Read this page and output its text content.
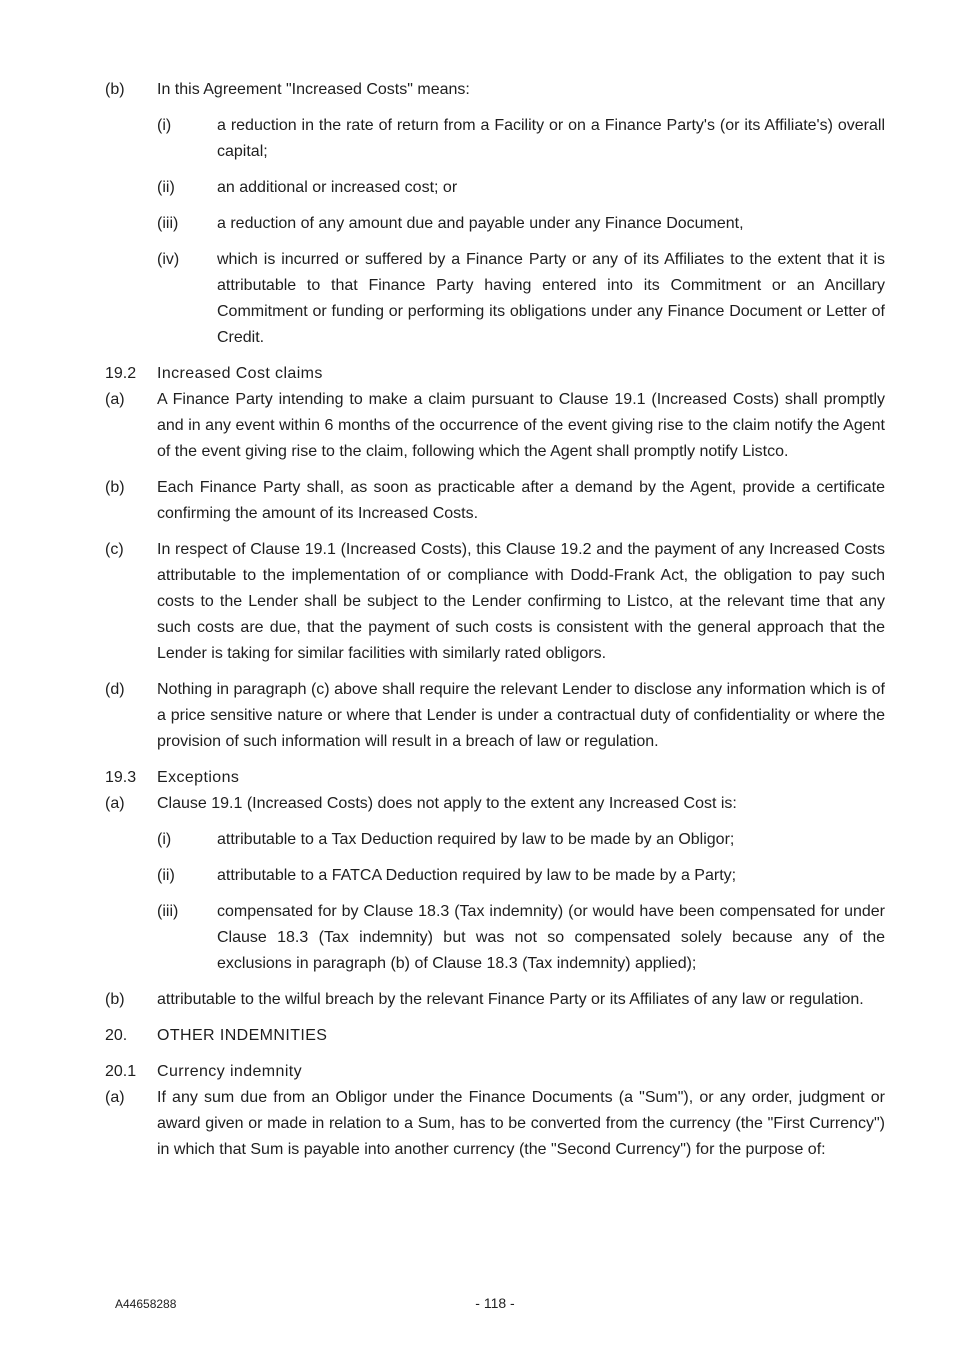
(b)	In this Agreement "Increased Costs" means:
(i)	a reduction in the rate of return from a Facility or on a Finance Party's (or its Affiliate's) overall capital;
(ii)	an additional or increased cost; or
(iii)	a reduction of any amount due and payable under any Finance Document,
(iv)	which is incurred or suffered by a Finance Party or any of its Affiliates to the extent that it is attributable to that Finance Party having entered into its Commitment or an Ancillary Commitment or funding or performing its obligations under any Finance Document or Letter of Credit.
19.2	Increased Cost claims
(a)	A Finance Party intending to make a claim pursuant to Clause 19.1 (Increased Costs) shall promptly and in any event within 6 months of the occurrence of the event giving rise to the claim notify the Agent of the event giving rise to the claim, following which the Agent shall promptly notify Listco.
(b)	Each Finance Party shall, as soon as practicable after a demand by the Agent, provide a certificate confirming the amount of its Increased Costs.
(c)	In respect of Clause 19.1 (Increased Costs), this Clause 19.2 and the payment of any Increased Costs attributable to the implementation of or compliance with Dodd-Frank Act, the obligation to pay such costs to the Lender shall be subject to the Lender confirming to Listco, at the relevant time that any such costs are due, that the payment of such costs is consistent with the general approach that the Lender is taking for similar facilities with similarly rated obligors.
(d)	Nothing in paragraph (c) above shall require the relevant Lender to disclose any information which is of a price sensitive nature or where that Lender is under a contractual duty of confidentiality or where the provision of such information will result in a breach of law or regulation.
19.3	Exceptions
(a)	Clause 19.1 (Increased Costs) does not apply to the extent any Increased Cost is:
(i)	attributable to a Tax Deduction required by law to be made by an Obligor;
(ii)	attributable to a FATCA Deduction required by law to be made by a Party;
(iii)	compensated for by Clause 18.3 (Tax indemnity) (or would have been compensated for under Clause 18.3 (Tax indemnity) but was not so compensated solely because any of the exclusions in paragraph (b) of Clause 18.3 (Tax indemnity) applied);
(b)	attributable to the wilful breach by the relevant Finance Party or its Affiliates of any law or regulation.
20.	OTHER INDEMNITIES
20.1	Currency indemnity
(a)	If any sum due from an Obligor under the Finance Documents (a "Sum"), or any order, judgment or award given or made in relation to a Sum, has to be converted from the currency (the "First Currency") in which that Sum is payable into another currency (the "Second Currency") for the purpose of:
A44658288	- 118 -
